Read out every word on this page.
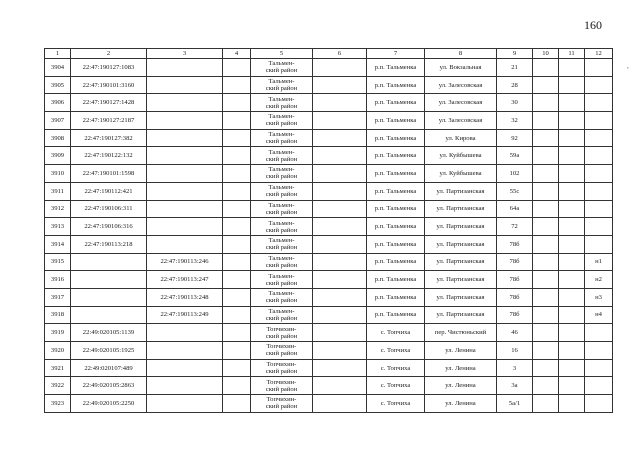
160
,
1	2	3	4	5	6	7	8	9	10	11	12
3904	22:47:190127:1083			Тальмен-
ский район		р.п. Тальменка	ул. Вокзальная	21			
3905	22:47:190101:3160			Тальмен-
ский район		р.п. Тальменка	ул. Залесовская	28			
3906	22:47:190127:1428			Тальмен-
ский район		р.п. Тальменка	ул. Залесовская	30			
3907	22:47:190127:2187			Тальмен-
ский район		р.п. Тальменка	ул. Залесовская	32			
3908	22:47:190127:382			Тальмен-
ский район		р.п. Тальменка	ул. Кирова	92			
3909	22:47:190122:132			Тальмен-
ский район		р.п. Тальменка	ул. Куйбышева	59а			
3910	22:47:190101:1598			Тальмен-
ский район		р.п. Тальменка	ул. Куйбышева	102			
3911	22:47:190112:421			Тальмен-
ский район		р.п. Тальменка	ул. Партизанская	55с			
3912	22:47:190106:311			Тальмен-
ский район		р.п. Тальменка	ул. Партизанская	64а			
3913	22:47:190106:316			Тальмен-
ский район		р.п. Тальменка	ул. Партизанская	72			
3914	22:47:190113:218			Тальмен-
ский район		р.п. Тальменка	ул. Партизанская	78б			
3915		22:47:190113:246		Тальмен-
ский район		р.п. Тальменка	ул. Партизанская	78б			н1
3916		22:47:190113:247		Тальмен-
ский район		р.п. Тальменка	ул. Партизанская	78б			н2
3917		22:47:190113:248		Тальмен-
ский район		р.п. Тальменка	ул. Партизанская	78б			н3
3918		22:47:190113:249		Тальмен-
ский район		р.п. Тальменка	ул. Партизанская	78б			н4
3919	22:49:020105:1139			Топчихин-
ский район		с. Топчиха	пер. Чистюньский	46			
3920	22:49:020105:1925			Топчихин-
ский район		с. Топчиха	ул. Ленина	16			
3921	22:49:020107:489			Топчихин-
ский район		с. Топчиха	ул. Ленина	3			
3922	22:49:020105:2863			Топчихин-
ский район		с. Топчиха	ул. Ленина	3а			
3923	22:49:020105:2250			Топчихин-
ский район		с. Топчиха	ул. Ленина	5а/1			
